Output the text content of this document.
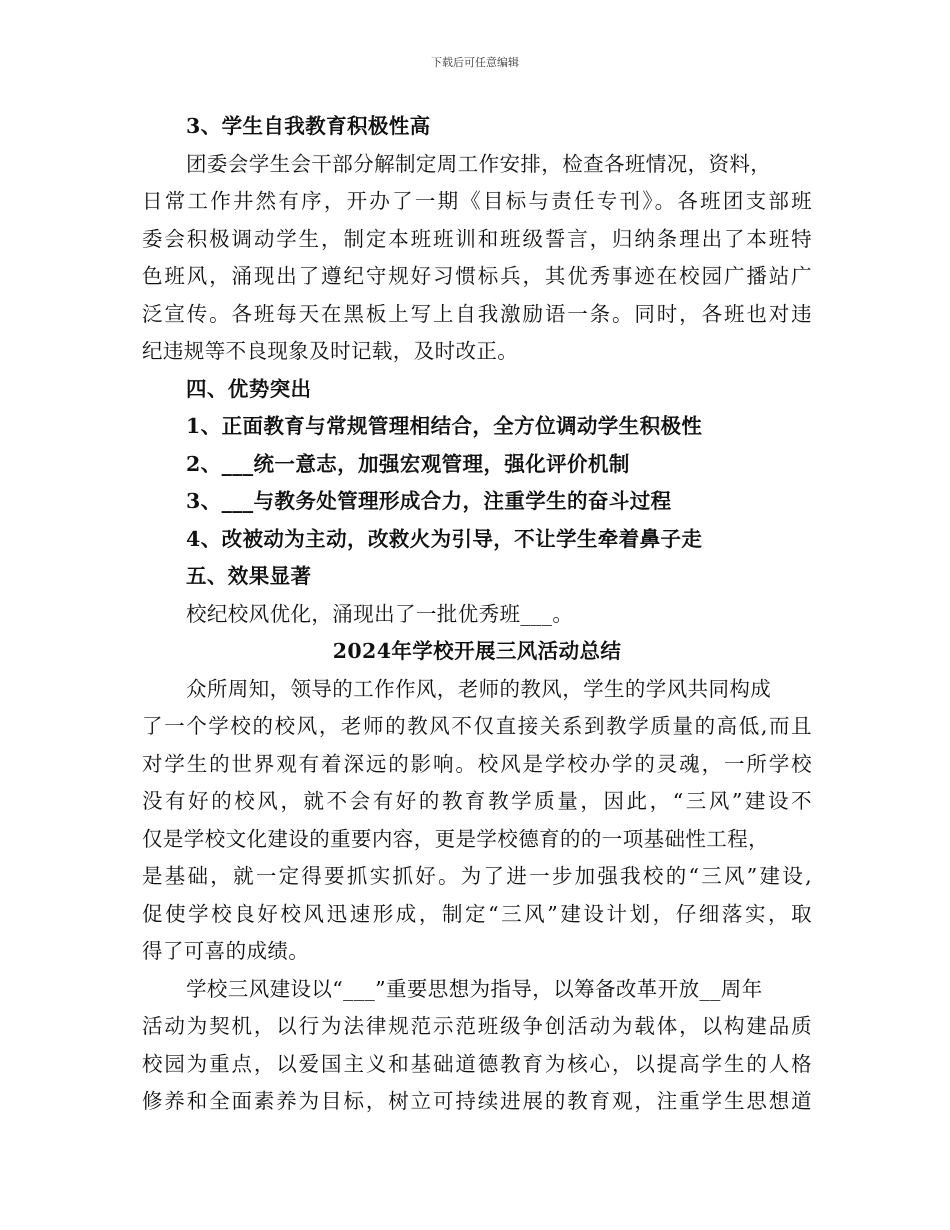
下载后可任意编辑
3、学生自我教育积极性高
团委会学生会干部分解制定周工作安排，检查各班情况，资料，
日常工作井然有序，开办了一期《目标与责任专刊》。各班团支部班
委会积极调动学生，制定本班班训和班级誓言，归纳条理出了本班特
色班风，涌现出了遵纪守规好习惯标兵，其优秀事迹在校园广播站广
泛宣传。各班每天在黑板上写上自我激励语一条。同时，各班也对违
纪违规等不良现象及时记载，及时改正。
四、优势突出
1、正面教育与常规管理相结合，全方位调动学生积极性
2、___统一意志，加强宏观管理，强化评价机制
3、___与教务处管理形成合力，注重学生的奋斗过程
4、改被动为主动，改救火为引导，不让学生牵着鼻子走
五、效果显著
校纪校风优化，涌现出了一批优秀班___。
2024年学校开展三风活动总结
众所周知，领导的工作作风，老师的教风，学生的学风共同构成
了一个学校的校风，老师的教风不仅直接关系到教学质量的高低,而且
对学生的世界观有着深远的影响。校风是学校办学的灵魂，一所学校
没有好的校风，就不会有好的教育教学质量，因此，“三风”建设不
仅是学校文化建设的重要内容，更是学校德育的的一项基础性工程，
是基础，就一定得要抓实抓好。为了进一步加强我校的“三风”建设,
促使学校良好校风迅速形成，制定“三风”建设计划，仔细落实，取
得了可喜的成绩。
学校三风建设以“___”重要思想为指导，以筹备改革开放__周年
活动为契机，以行为法律规范示范班级争创活动为载体，以构建品质
校园为重点，以爱国主义和基础道德教育为核心，以提高学生的人格
修养和全面素养为目标，树立可持续进展的教育观，注重学生思想道
